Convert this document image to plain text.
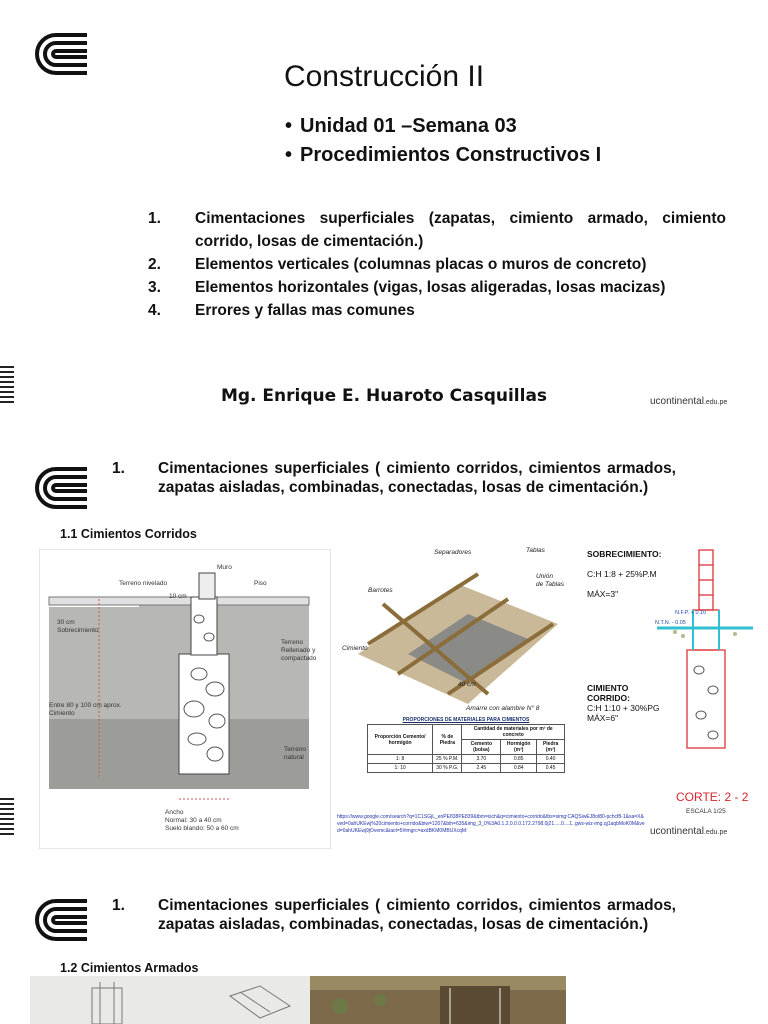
Construcción II
• Unidad 01 –Semana 03
• Procedimientos Constructivos I
1.	Cimentaciones superficiales (zapatas, cimiento armado, cimiento corrido, losas de cimentación.)
2.	Elementos verticales (columnas placas o muros de concreto)
3.	Elementos horizontales (vigas, losas aligeradas, losas macizas)
4.	Errores y fallas mas comunes
Mg. Enrique E. Huaroto Casquillas	ucontinental.edu.pe
1.	Cimentaciones superficiales ( cimiento corridos, cimientos armados, zapatas aisladas, combinadas, conectadas, losas de cimentación.)
1.1 Cimientos Corridos
Muro
Terreno nivelado	Piso
10 cm
30 cm Sobrecimiento
Terreno Rellenado y compactado
Entre 80 y 100 cm aprox. Cimiento
Terreno natural
Ancho Normal: 30 a 40 cm Suelo blando: 50 a 60 cm
Separadores	Tablas
Barrotes
Unión de Tablas
Cimiento
40 cm
Amarre con alambre N° 8
PROPORCIONES DE MATERIALES PARA CIMIENTOS				
Proporción Cemento/ hormigón	% de Piedra	Cantidad de materiales por m³ de concreto		
		Cemento (bolsa)	Hormigón (m³)	Piedra (m³)
1: 8	25 % P.M.	3.70	0.85	0.40
1: 10	30 % P.G.	2.45	0.84	0.45
https://www.google.com/search?q=1C1SGjL_enPE838PE839&tbm=isch&q=cimiento+corrido&tbs=simg:CAQSiwEJ8ot80-pchcf8-1&sa=X&ved=0ahUKEwj%20cimiento+corrido&biw=1207&bih=635&img_3_0%3A0.1.2.0.0.0.172.2798.0j21.....0....1..gws-wiz-img.qj1aqbMoK0M&ved=0ahUKEwj9jOvemc&iact=5#imgrc=axdBKM0MBUXcqM:
SOBRECIMIENTO:

C:H 1:8 + 25%P.M

MÁX=3"
CIMIENTO
CORRIDO:
C:H 1:10 + 30%PG
MÁX=6"
N.F.P. + 0.10
N.T.N. - 0.05
CORTE: 2 - 2
ESCALA 1/25
ucontinental.edu.pe
1.	Cimentaciones superficiales ( cimiento corridos, cimientos armados, zapatas aisladas, combinadas, conectadas, losas de cimentación.)
1.2 Cimientos Armados
